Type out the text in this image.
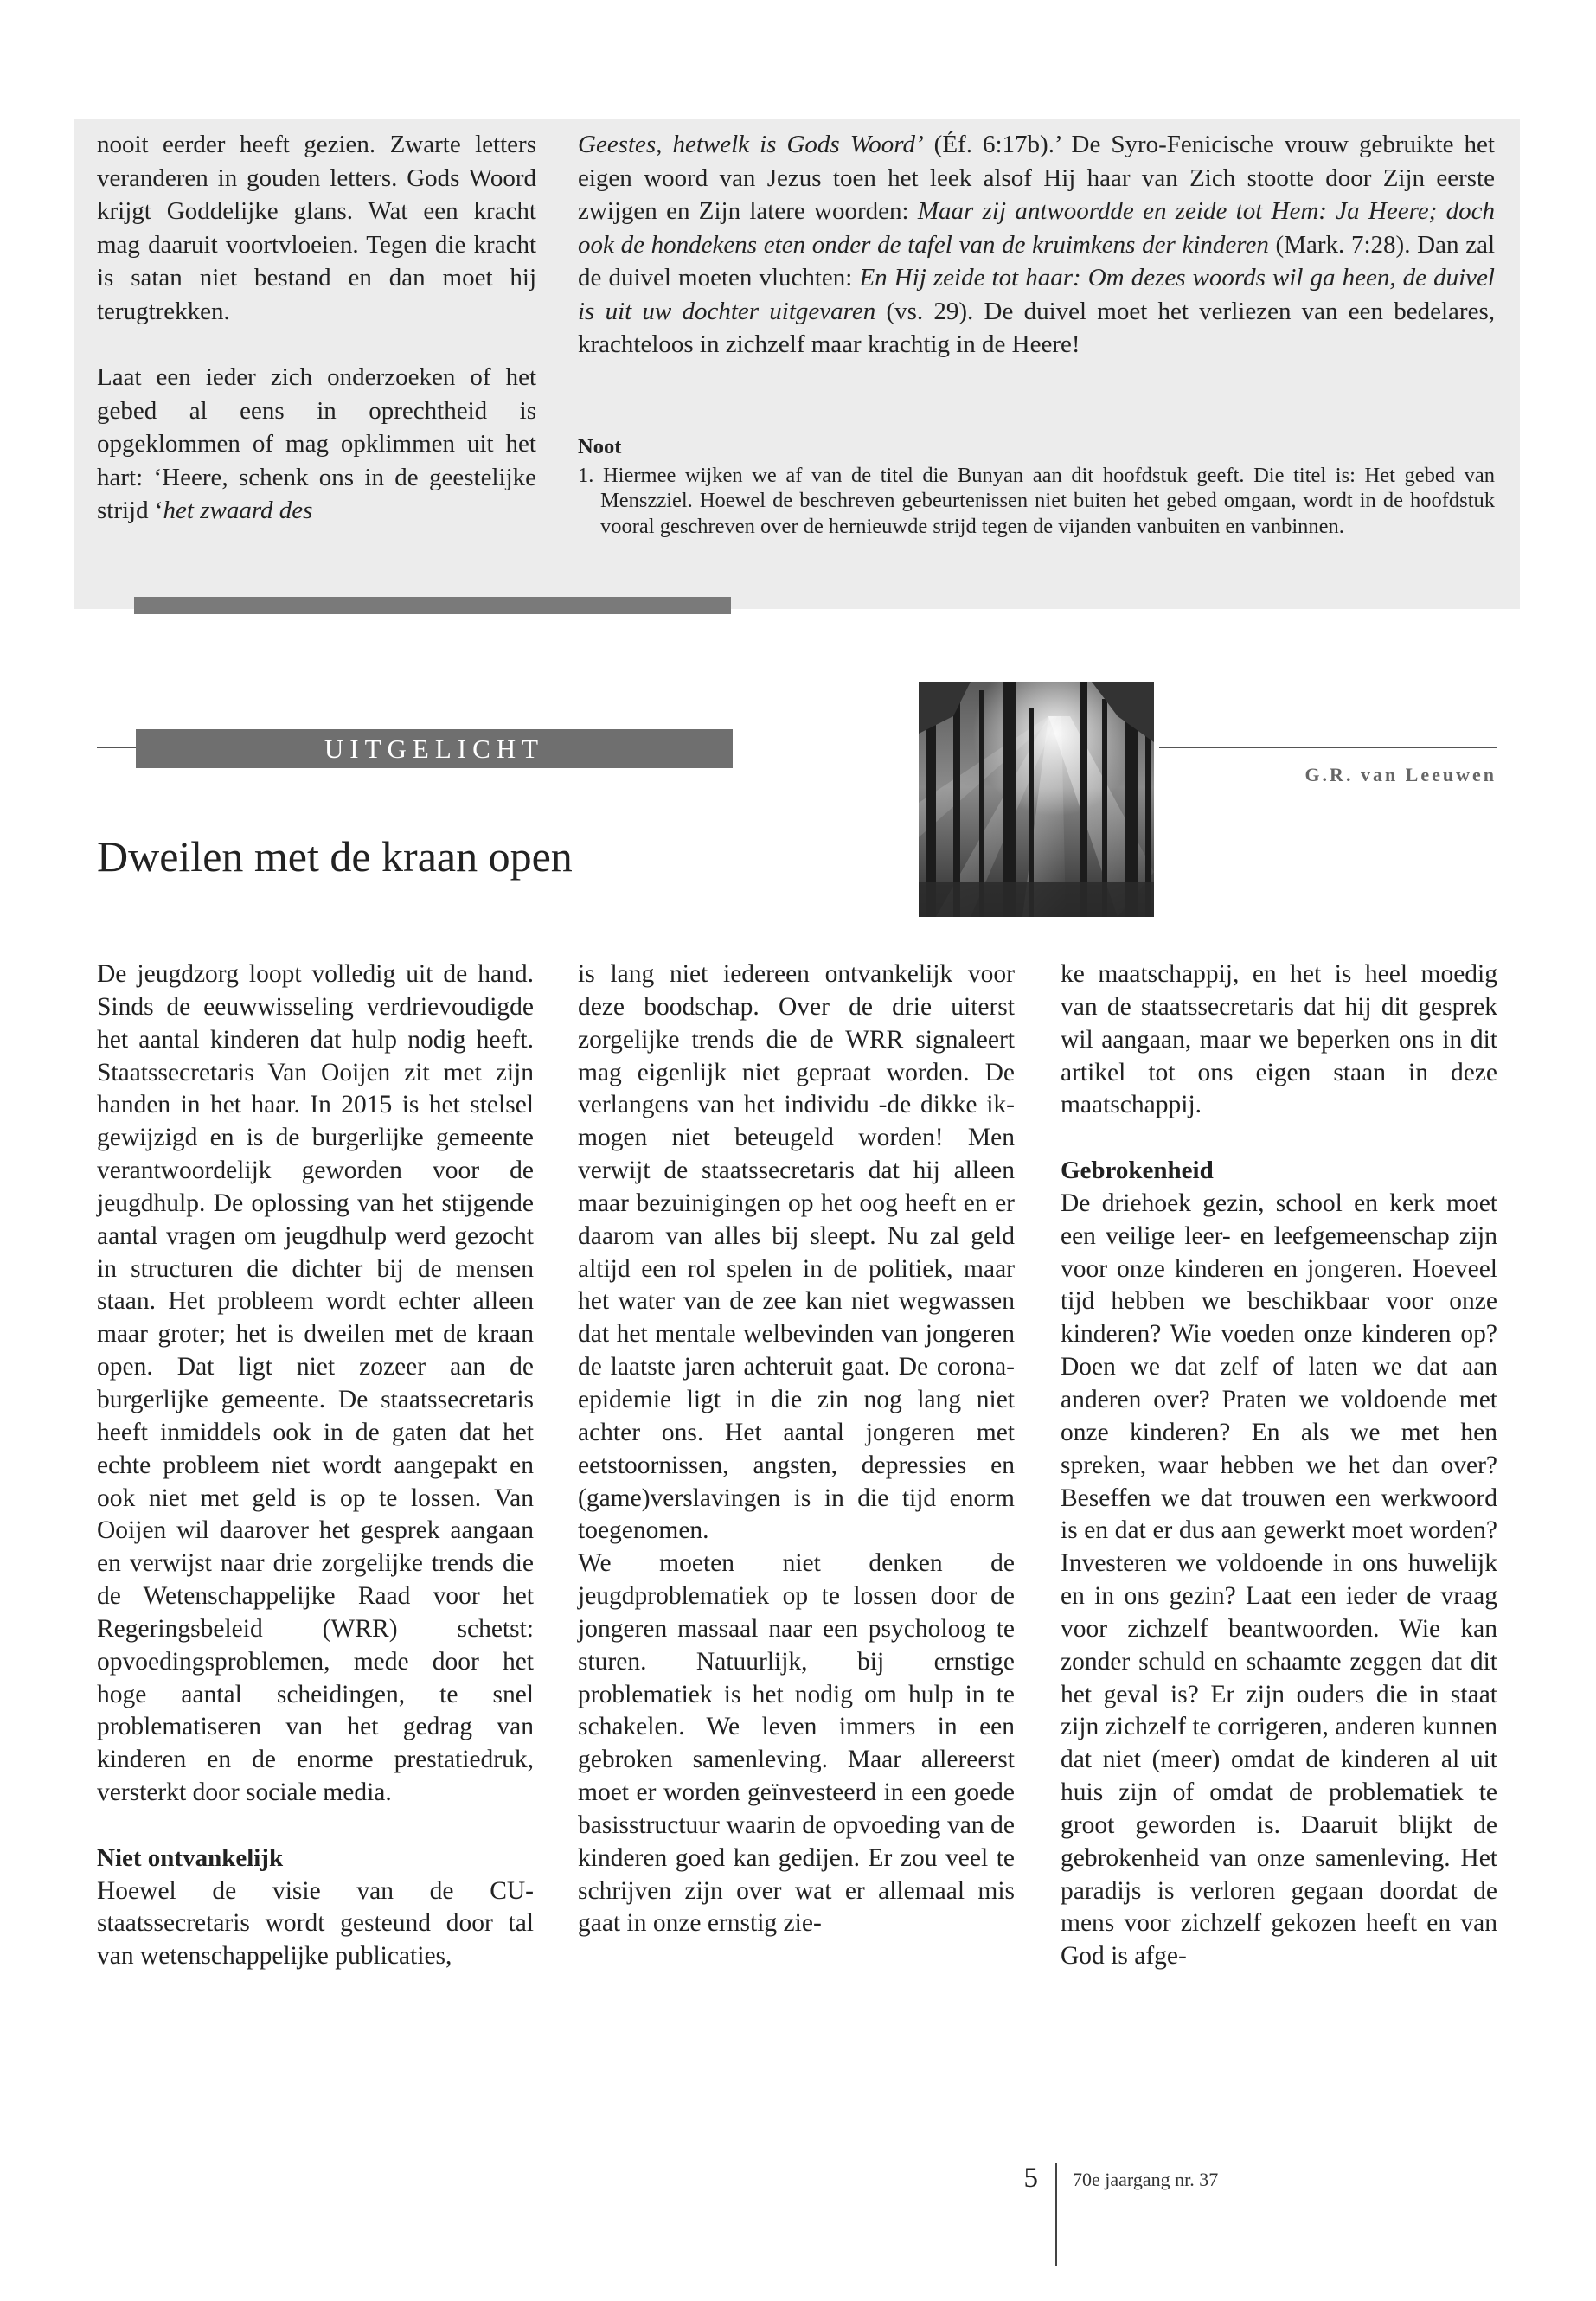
nooit eerder heeft gezien. Zwarte letters veranderen in gouden letters. Gods Woord krijgt Goddelijke glans. Wat een kracht mag daaruit voortvloeien. Tegen die kracht is satan niet bestand en dan moet hij terugtrekken.

Laat een ieder zich onderzoeken of het gebed al eens in oprechtheid is opgeklommen of mag opklimmen uit het hart: ‘Heere, schenk ons in de geestelijke strijd ‘het zwaard des

Geestes, hetwelk is Gods Woord’ (Éf. 6:17b).’ De Syro-Fenicische vrouw gebruikte het eigen woord van Jezus toen het leek alsof Hij haar van Zich stootte door Zijn eerste zwijgen en Zijn latere woorden: Maar zij antwoordde en zeide tot Hem: Ja Heere; doch ook de hondekens eten onder de tafel van de kruimkens der kinderen (Mark. 7:28). Dan zal de duivel moeten vluchten: En Hij zeide tot haar: Om dezes woords wil ga heen, de duivel is uit uw dochter uitgevaren (vs. 29). De duivel moet het verliezen van een bedelares, krachteloos in zichzelf maar krachtig in de Heere!

Noot
1. Hiermee wijken we af van de titel die Bunyan aan dit hoofdstuk geeft. Die titel is: Het gebed van Menszziel. Hoewel de beschreven gebeurtenissen niet buiten het gebed omgaan, wordt in de hoofdstuk vooral geschreven over de hernieuwde strijd tegen de vijanden vanbuiten en vanbinnen.
UITGELICHT
G.R. van Leeuwen
Dweilen met de kraan open

De jeugdzorg loopt volledig uit de hand. Sinds de eeuwwisseling verdrievoudigde het aantal kinderen dat hulp nodig heeft. Staatssecretaris Van Ooijen zit met zijn handen in het haar. In 2015 is het stelsel gewijzigd en is de burgerlijke gemeente verantwoordelijk geworden voor de jeugdhulp. De oplossing van het stijgende aantal vragen om jeugdhulp werd gezocht in structuren die dichter bij de mensen staan. Het probleem wordt echter alleen maar groter; het is dweilen met de kraan open. Dat ligt niet zozeer aan de burgerlijke gemeente. De staatssecretaris heeft inmiddels ook in de gaten dat het echte probleem niet wordt aangepakt en ook niet met geld is op te lossen. Van Ooijen wil daarover het gesprek aangaan en verwijst naar drie zorgelijke trends die de Wetenschappelijke Raad voor het Regeringsbeleid (WRR) schetst: opvoedingsproblemen, mede door het hoge aantal scheidingen, te snel problematiseren van het gedrag van kinderen en de enorme prestatiedruk, versterkt door sociale media.

Niet ontvankelijk

Hoewel de visie van de CU-staatssecretaris wordt gesteund door tal van wetenschappelijke publicaties,

is lang niet iedereen ontvankelijk voor deze boodschap. Over de drie uiterst zorgelijke trends die de WRR signaleert mag eigenlijk niet gepraat worden. De verlangens van het individu -de dikke ik- mogen niet beteugeld worden! Men verwijt de staatssecretaris dat hij alleen maar bezuinigingen op het oog heeft en er daarom van alles bij sleept. Nu zal geld altijd een rol spelen in de politiek, maar het water van de zee kan niet wegwassen dat het mentale welbevinden van jongeren de laatste jaren achteruit gaat. De corona-epidemie ligt in die zin nog lang niet achter ons. Het aantal jongeren met eetstoornissen, angsten, depressies en (game)verslavingen is in die tijd enorm toegenomen.

We moeten niet denken de jeugdproblematiek op te lossen door de jongeren massaal naar een psycholoog te sturen. Natuurlijk, bij ernstige problematiek is het nodig om hulp in te schakelen. We leven immers in een gebroken samenleving. Maar allereerst moet er worden geïnvesteerd in een goede basisstructuur waarin de opvoeding van de kinderen goed kan gedijen. Er zou veel te schrijven zijn over wat er allemaal mis gaat in onze ernstig zie-

ke maatschappij, en het is heel moedig van de staatssecretaris dat hij dit gesprek wil aangaan, maar we beperken ons in dit artikel tot ons eigen staan in deze maatschappij.

Gebrokenheid

De driehoek gezin, school en kerk moet een veilige leer- en leefgemeenschap zijn voor onze kinderen en jongeren. Hoeveel tijd hebben we beschikbaar voor onze kinderen? Wie voeden onze kinderen op? Doen we dat zelf of laten we dat aan anderen over? Praten we voldoende met onze kinderen? En als we met hen spreken, waar hebben we het dan over? Beseffen we dat trouwen een werkwoord is en dat er dus aan gewerkt moet worden? Investeren we voldoende in ons huwelijk en in ons gezin? Laat een ieder de vraag voor zichzelf beantwoorden. Wie kan zonder schuld en schaamte zeggen dat dit het geval is? Er zijn ouders die in staat zijn zichzelf te corrigeren, anderen kunnen dat niet (meer) omdat de kinderen al uit huis zijn of omdat de problematiek te groot geworden is. Daaruit blijkt de gebrokenheid van onze samenleving. Het paradijs is verloren gegaan doordat de mens voor zichzelf gekozen heeft en van God is afge-

5 70e jaargang nr. 37
